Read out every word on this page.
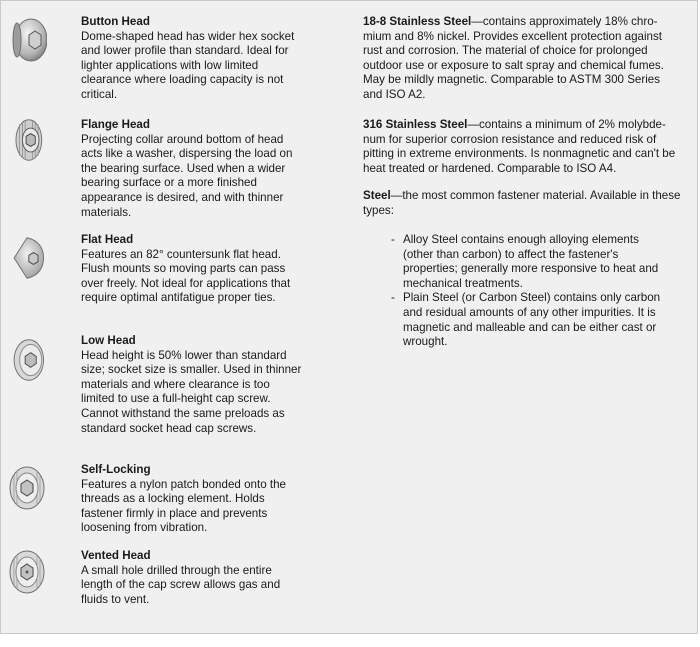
Button Head
Dome-shaped head has wider hex socket and lower profile than standard. Ideal for lighter applications with low limited clearance where loading capacity is not critical.
Flange Head
Projecting collar around bottom of head acts like a washer, dispersing the load on the bearing surface. Used when a wider bearing surface or a more finished appearance is desired, and with thinner materials.
Flat Head
Features an 82° countersunk flat head. Flush mounts so moving parts can pass over freely. Not ideal for applications that require optimal antifatigue proper ties.
Low Head
Head height is 50% lower than standard size; socket size is smaller. Used in thinner materials and where clearance is too limited to use a full-height cap screw. Cannot withstand the same preloads as standard socket head cap screws.
Self-Locking
Features a nylon patch bonded onto the threads as a locking element. Holds fastener firmly in place and prevents loosening from vibration.
Vented Head
A small hole drilled through the entire length of the cap screw allows gas and fluids to vent.
18-8 Stainless Steel—contains approximately 18% chro-mium and 8% nickel. Provides excellent protection against rust and corrosion. The material of choice for prolonged outdoor use or exposure to salt spray and chemical fumes. May be mildly magnetic. Comparable to ASTM 300 Series and ISO A2.
316 Stainless Steel—contains a minimum of 2% molybde-num for superior corrosion resistance and reduced risk of pitting in extreme environments. Is nonmagnetic and can't be heat treated or hardened. Comparable to ISO A4.
Steel—the most common fastener material. Available in these types:
- Alloy Steel contains enough alloying elements (other than carbon) to affect the fastener's properties; generally more responsive to heat and mechanical treatments.
- Plain Steel (or Carbon Steel) contains only carbon and residual amounts of any other impurities. It is magnetic and malleable and can be either cast or wrought.
